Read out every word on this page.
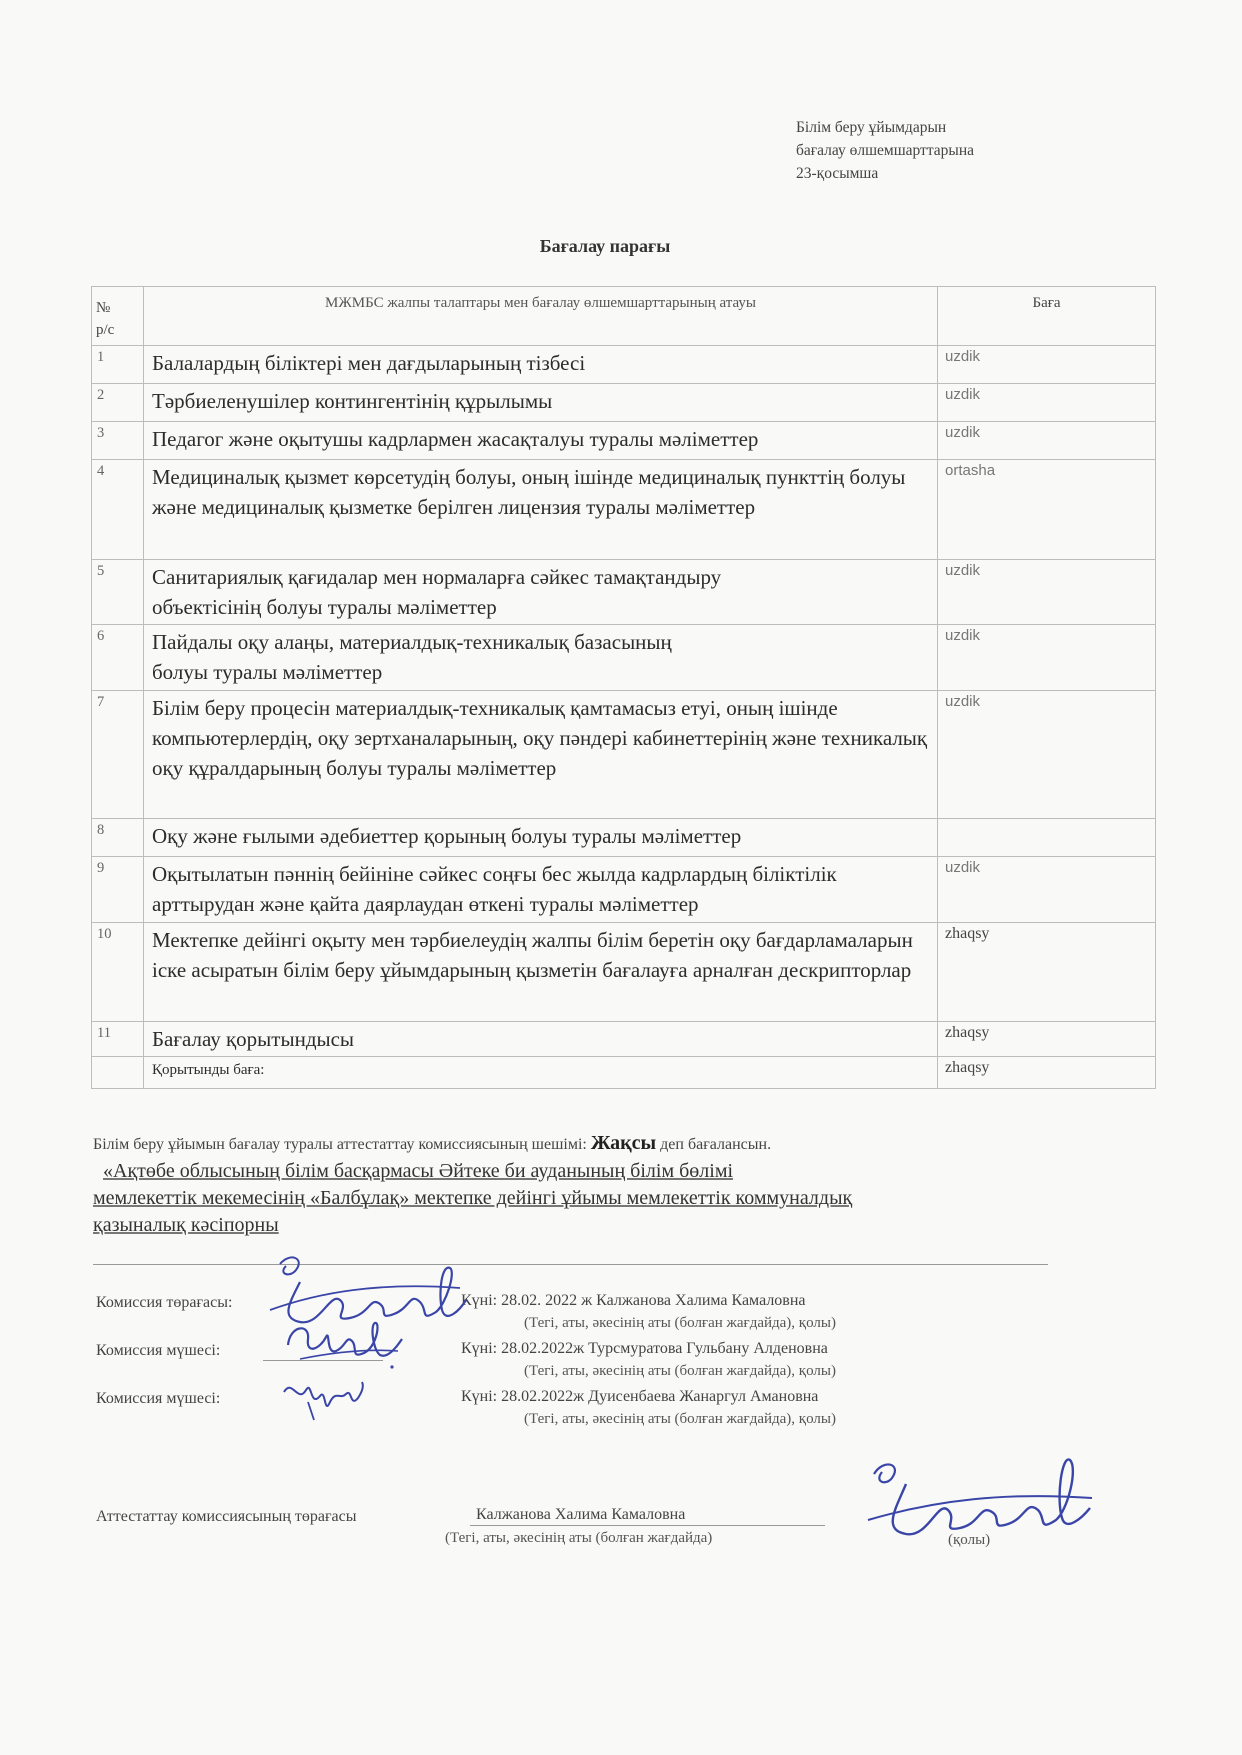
Білім беру ұйымдарын
бағалау өлшемшарттарына
23-қосымша
Бағалау парағы
№
р/с	МЖМБС жалпы талаптары мен бағалау өлшемшарттарының атауы	Баға
1	Балалардың біліктері мен дағдыларының тізбесі	uzdik
2	Тәрбиеленушілер контингентінің құрылымы	uzdik
3	Педагог және оқытушы кадрлармен жасақталуы туралы мәліметтер	uzdik
4	Медициналық қызмет көрсетудің болуы, оның ішінде медициналық пункттің болуы және медициналық қызметке берілген лицензия туралы мәліметтер	ortasha
5	Санитариялық қағидалар мен нормаларға сәйкес тамақтандыру
объектісінің болуы туралы мәліметтер	uzdik
6	Пайдалы оқу алаңы, материалдық-техникалық базасының
болуы туралы мәліметтер	uzdik
7	Білім беру процесін материалдық-техникалық қамтамасыз етуі, оның ішінде компьютерлердің, оқу зертханаларының, оқу пәндері кабинеттерінің және техникалық оқу құралдарының болуы туралы мәліметтер	uzdik
8	Оқу және ғылыми әдебиеттер қорының болуы туралы мәліметтер	
9	Оқытылатын пәннің бейініне сәйкес соңғы бес жылда кадрлардың біліктілік арттырудан және қайта даярлаудан өткені туралы мәліметтер	uzdik
10	Мектепке дейінгі оқыту мен тәрбиелеудің жалпы білім беретін оқу бағдарламаларын іске асыратын білім беру ұйымдарының қызметін бағалауға арналған дескрипторлар	zhaqsy
11	Бағалау қорытындысы	zhaqsy
	Қорытынды баға:	zhaqsy
Білім беру ұйымын бағалау туралы аттестаттау комиссиясының шешімі: Жақсы деп бағалансын.
«Ақтөбе облысының білім басқармасы Әйтеке би ауданының білім бөлімі
мемлекеттік мекемесінің «Балбұлақ» мектепке дейінгі ұйымы мемлекеттік коммуналдық
қазыналық кәсіпорны
Комиссия төрағасы:	Күні: 28.02. 2022 ж Калжанова Халима Камаловна
(Тегі, аты, әкесінің аты (болған жағдайда), қолы)
Комиссия мүшесі:	Күні: 28.02.2022ж Турсмуратова Гульбану Алденовна
(Тегі, аты, әкесінің аты (болған жағдайда), қолы)
Комиссия мүшесі:	Күні: 28.02.2022ж Дуисенбаева Жанаргул Амановна
(Тегі, аты, әкесінің аты (болған жағдайда), қолы)
Аттестаттау комиссиясының төрағасы	Калжанова Халима Камаловна
(Тегі, аты, әкесінің аты (болған жағдайда)	(қолы)
